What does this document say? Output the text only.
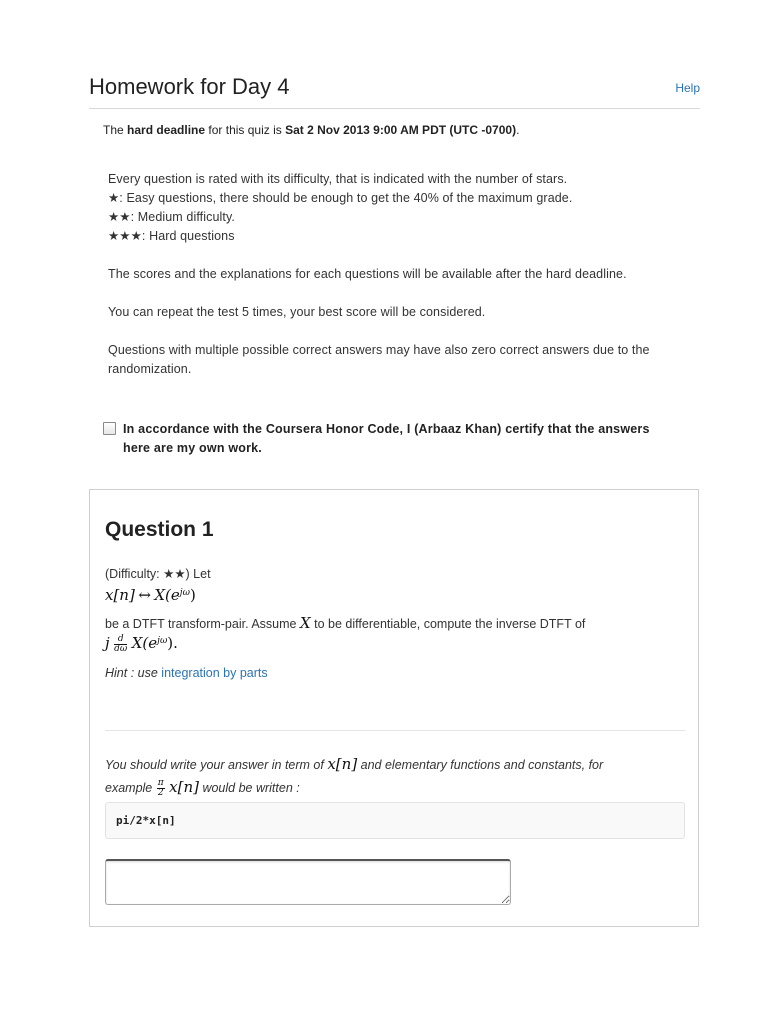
Homework for Day 4	Help
The hard deadline for this quiz is Sat 2 Nov 2013 9:00 AM PDT (UTC -0700).

Every question is rated with its difficulty, that is indicated with the number of stars.

★: Easy questions, there should be enough to get the 40% of the maximum grade.

★★: Medium difficulty.

★★★: Hard questions

The scores and the explanations for each questions will be available after the hard deadline.

You can repeat the test 5 times, your best score will be considered.

Questions with multiple possible correct answers may have also zero correct answers due to the randomization.

In accordance with the Coursera Honor Code, I (Arbaaz Khan) certify that the answers here are my own work.
Question 1
(Difficulty: ★★) Let
x[n] ↔ $X(e^{j\omega})$
be a DTFT transform-pair. Assume X to be differentiable, compute the inverse DTFT of
j $\frac{d}{d\omega} X(e^{j\omega})$.
Hint : use integration by parts
You should write your answer in term of x[n] and elementary functions and constants, for
example $\frac{\pi}{2} x[n]$ would be written :
pi/2*x[n]
